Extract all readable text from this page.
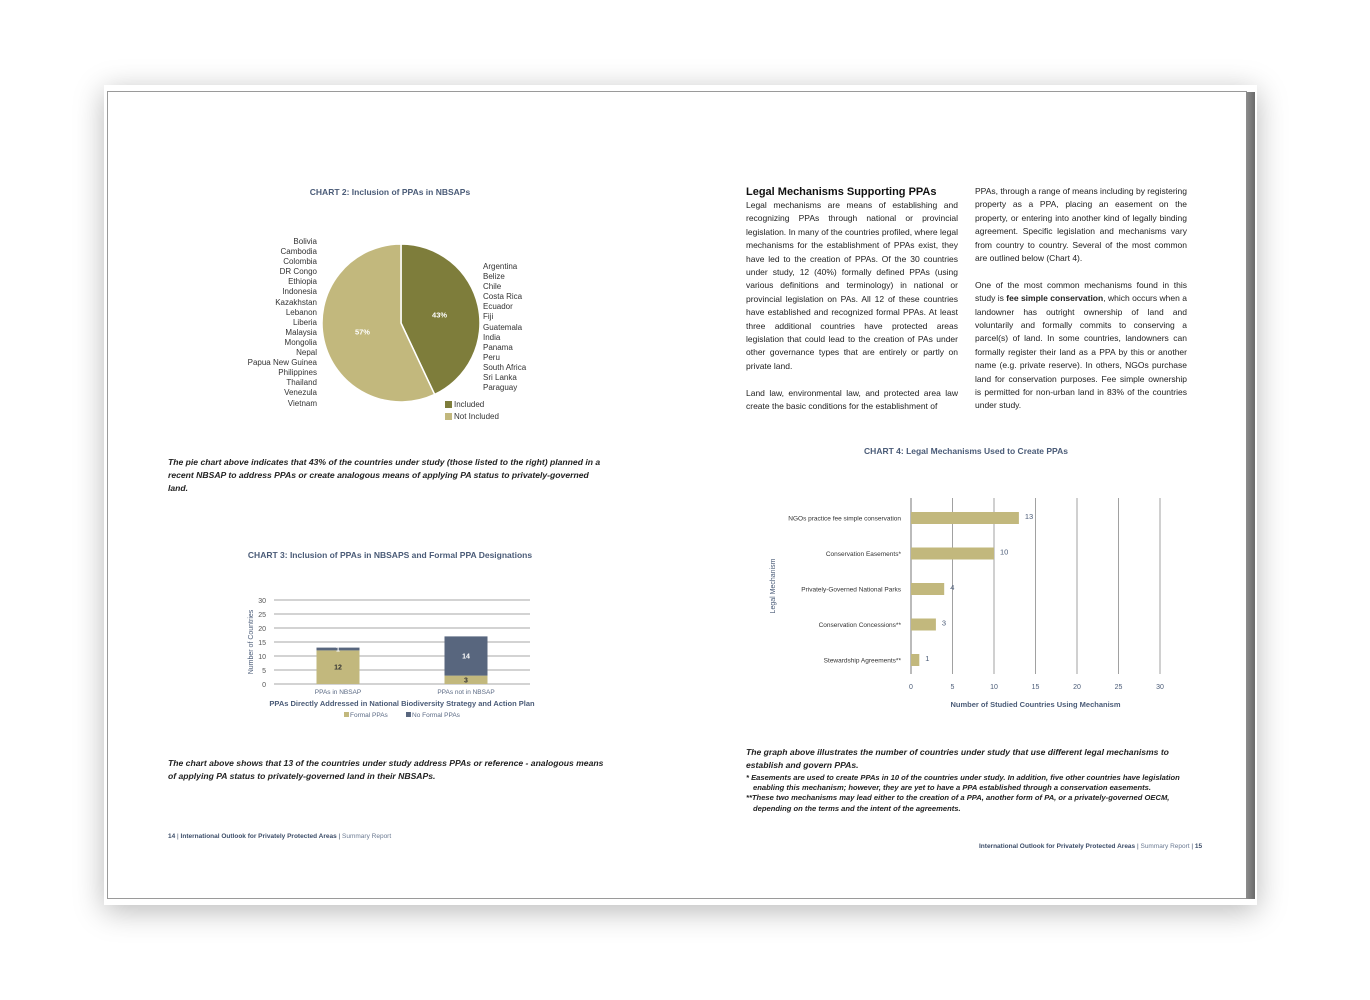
CHART 2: Inclusion of PPAs in NBSAPs
Bolivia
Cambodia
Colombia
DR Congo
Ethiopia
Indonesia
Kazakhstan
Lebanon
Liberia
Malaysia
Mongolia
Nepal
Papua New Guinea
Philippines
Thailand
Venezula
Vietnam
Argentina
Belize
Chile
Costa Rica
Ecuador
Fiji
Guatemala
India
Panama
Peru
South Africa
Sri Lanka
Paraguay
43%
57%
Included
Not Included
The pie chart above indicates that 43% of the countries under study (those listed to the right) planned in a recent NBSAP to address PPAs or create analogous means of applying PA status to privately-governed land.
CHART 3: Inclusion of PPAs in NBSAPS and Formal PPA Designations
0
5
10
15
20
25
30
12
1
PPAs in NBSAP
3
14
PPAs not in NBSAP
PPAs Directly Addressed in National Biodiversity Strategy and Action Plan
Number of Countries
Formal PPAs	No Formal PPAs
The chart above shows that 13 of the countries under study address PPAs or reference - analogous means of applying PA status to privately-governed land in their NBSAPs.
14 | International Outlook for Privately Protected Areas | Summary Report
Legal Mechanisms Supporting PPAs

Legal mechanisms are means of establishing and recognizing PPAs through national or provincial legislation. In many of the countries profiled, where legal mechanisms for the establishment of PPAs exist, they have led to the creation of PPAs. Of the 30 countries under study, 12 (40%) formally defined PPAs (using various definitions and terminology) in national or provincial legislation on PAs. All 12 of these countries have established and recognized formal PPAs. At least three additional countries have protected areas legislation that could lead to the creation of PAs under other governance types that are entirely or partly on private land.

Land law, environmental law, and protected area law create the basic conditions for the establishment of

PPAs, through a range of means including by registering property as a PPA, placing an easement on the property, or entering into another kind of legally binding agreement. Specific legislation and mechanisms vary from country to country. Several of the most common are outlined below (Chart 4).

One of the most common mechanisms found in this study is fee simple conservation, which occurs when a landowner has outright ownership of land and voluntarily and formally commits to conserving a parcel(s) of land. In some countries, landowners can formally register their land as a PPA by this or another name (e.g. private reserve). In others, NGOs purchase land for conservation purposes. Fee simple ownership is permitted for non-urban land in 83% of the countries under study.

CHART 4: Legal Mechanisms Used to Create PPAs
0	5	10	15	20	25	30
13
NGOs practice fee simple conservation
10
Conservation Easements*
4
Privately-Governed National Parks
3
Conservation Concessions**
1
Stewardship Agreements**
Number of Studied Countries Using Mechanism
Legal Mechanism
The graph above illustrates the number of countries under study that use different legal mechanisms to establish and govern PPAs.
* Easements are used to create PPAs in 10 of the countries under study. In addition, five other countries have legislation enabling this mechanism; however, they are yet to have a PPA established through a conservation easements.
**These two mechanisms may lead either to the creation of a PPA, another form of PA, or a privately-governed OECM, depending on the terms and the intent of the agreements.
International Outlook for Privately Protected Areas | Summary Report | 15
